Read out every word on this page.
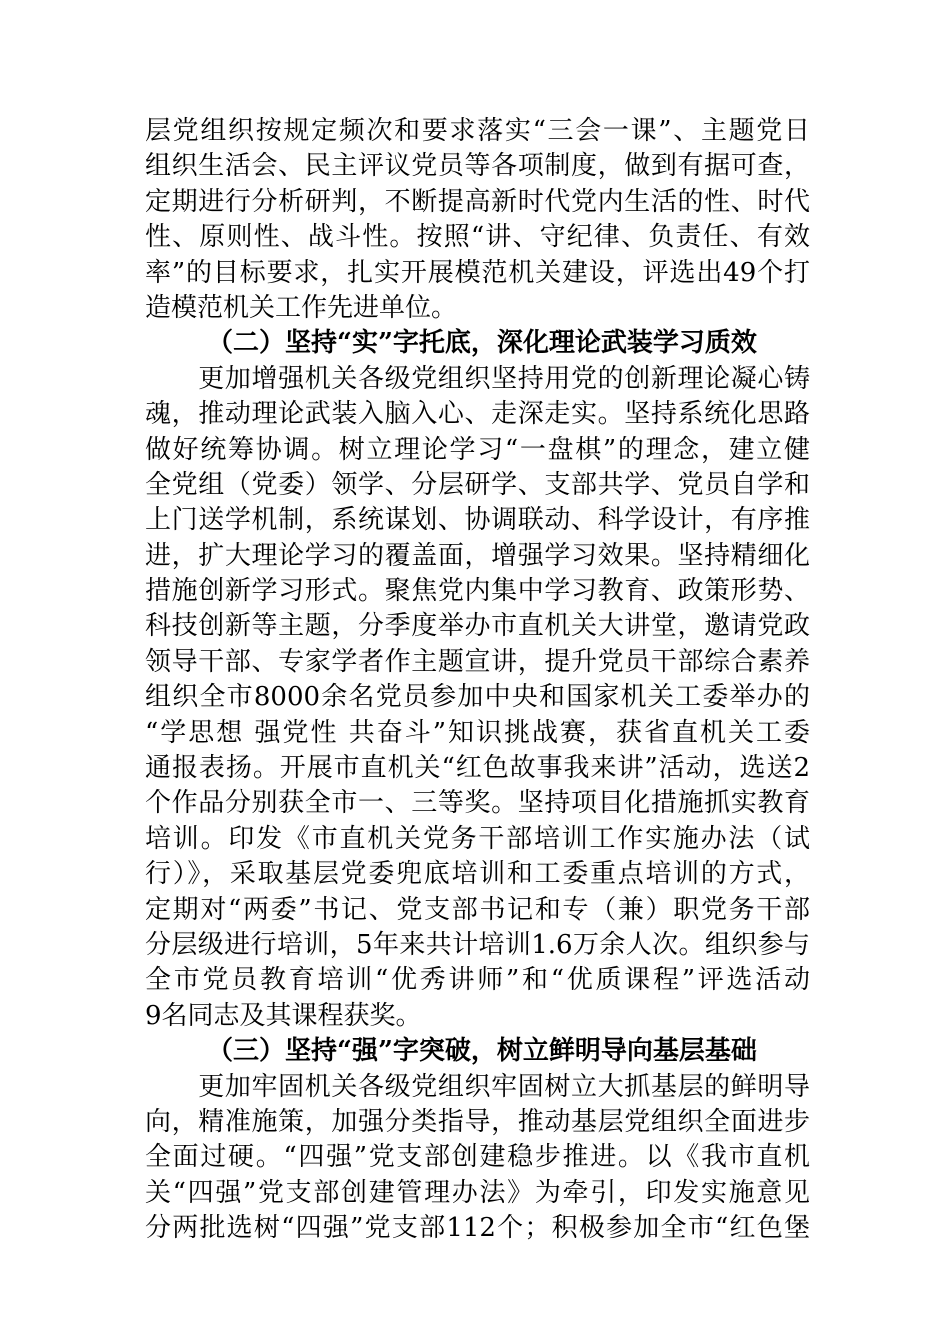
层党组织按规定频次和要求落实“三会一课”、主题党日
组织生活会、民主评议党员等各项制度，做到有据可查，
定期进行分析研判，不断提高新时代党内生活的性、时代
性、原则性、战斗性。按照“讲、守纪律、负责任、有效
率”的目标要求，扎实开展模范机关建设，评选出49个打
造模范机关工作先进单位。
（二）坚持“实”字托底，深化理论武装学习质效
　　更加增强机关各级党组织坚持用党的创新理论凝心铸
魂，推动理论武装入脑入心、走深走实。坚持系统化思路
做好统筹协调。树立理论学习“一盘棋”的理念，建立健
全党组（党委）领学、分层研学、支部共学、党员自学和
上门送学机制，系统谋划、协调联动、科学设计，有序推
进，扩大理论学习的覆盖面，增强学习效果。坚持精细化
措施创新学习形式。聚焦党内集中学习教育、政策形势、
科技创新等主题，分季度举办市直机关大讲堂，邀请党政
领导干部、专家学者作主题宣讲，提升党员干部综合素养
组织全市8000余名党员参加中央和国家机关工委举办的
“学思想 强党性 共奋斗”知识挑战赛，获省直机关工委
通报表扬。开展市直机关“红色故事我来讲”活动，选送2
个作品分别获全市一、三等奖。坚持项目化措施抓实教育
培训。印发《市直机关党务干部培训工作实施办法（试
行）》，采取基层党委兜底培训和工委重点培训的方式，
定期对“两委”书记、党支部书记和专（兼）职党务干部
分层级进行培训，5年来共计培训1.6万余人次。组织参与
全市党员教育培训“优秀讲师”和“优质课程”评选活动
9名同志及其课程获奖。
（三）坚持“强”字突破，树立鲜明导向基层基础
　　更加牢固机关各级党组织牢固树立大抓基层的鲜明导
向，精准施策，加强分类指导，推动基层党组织全面进步
全面过硬。“四强”党支部创建稳步推进。以《我市直机
关“四强”党支部创建管理办法》为牵引，印发实施意见
分两批选树“四强”党支部112个；积极参加全市“红色堡
